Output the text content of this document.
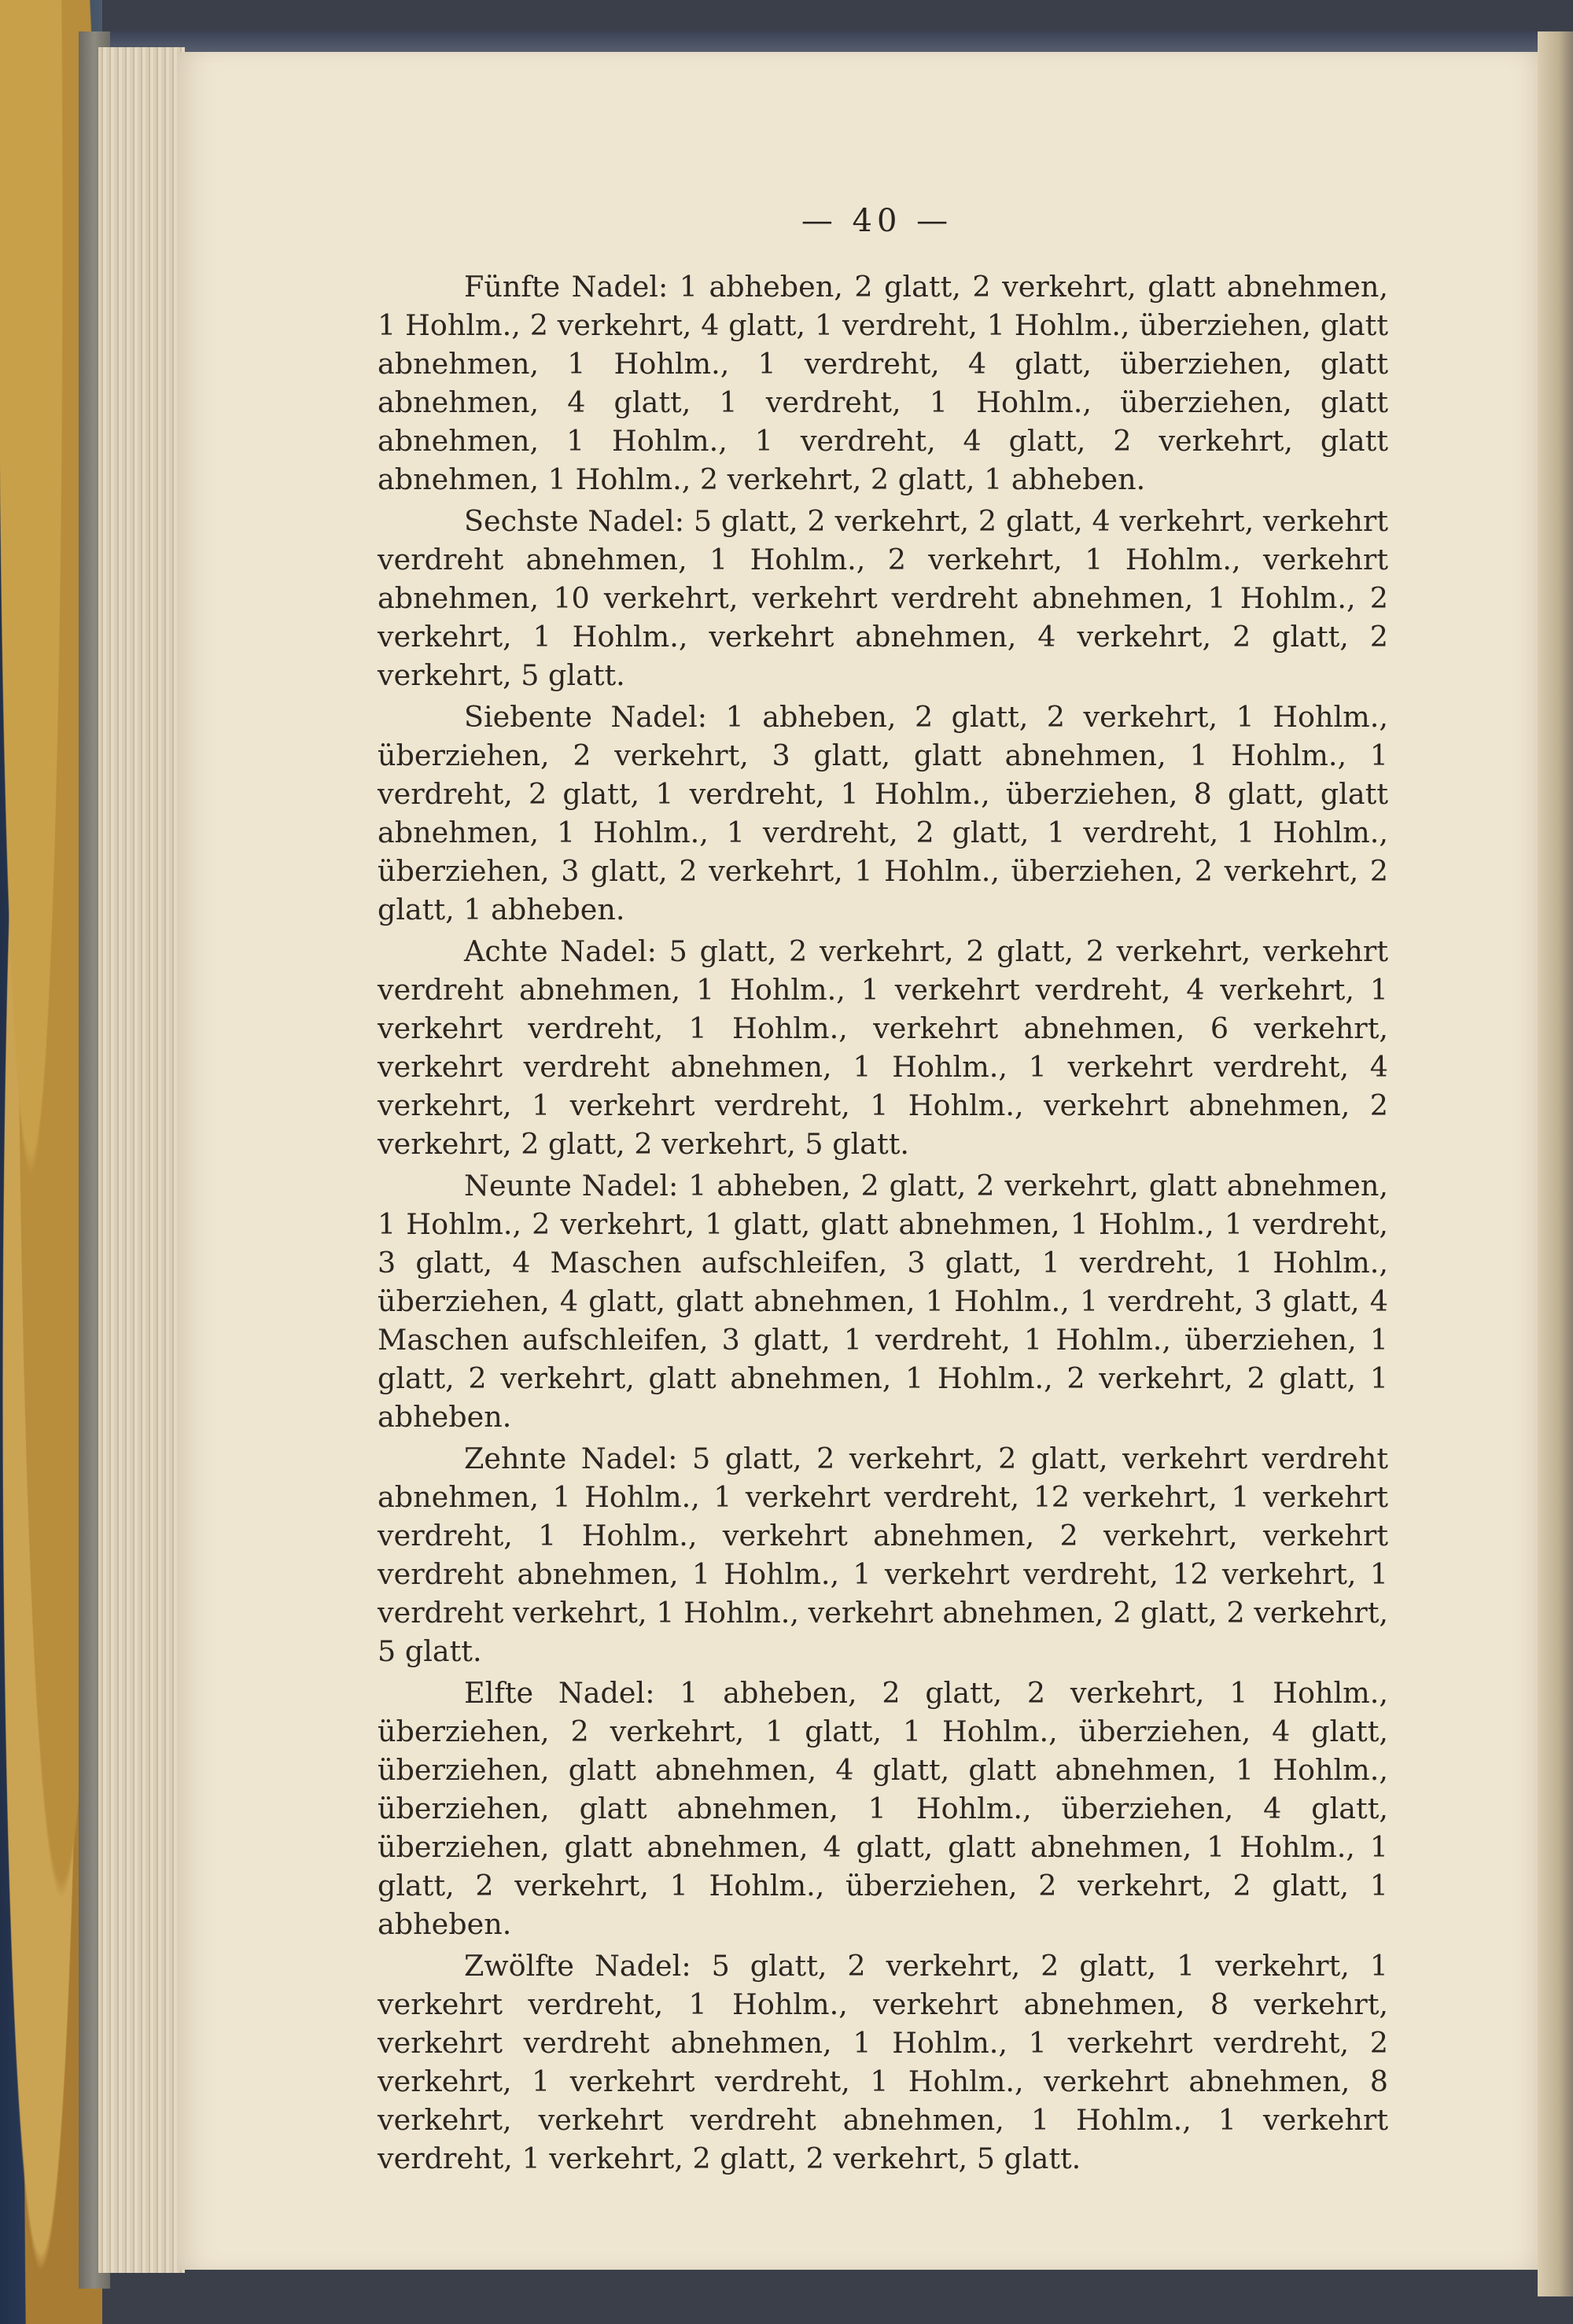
— 40 —

Fünfte Nadel: 1 abheben, 2 glatt, 2 verkehrt, glatt abnehmen, 1 Hohlm., 2 verkehrt, 4 glatt, 1 verdreht, 1 Hohlm., überziehen, glatt abnehmen, 1 Hohlm., 1 verdreht, 4 glatt, überziehen, glatt abnehmen, 4 glatt, 1 verdreht, 1 Hohlm., überziehen, glatt abnehmen, 1 Hohlm., 1 verdreht, 4 glatt, 2 verkehrt, glatt abnehmen, 1 Hohlm., 2 verkehrt, 2 glatt, 1 abheben.

Sechste Nadel: 5 glatt, 2 verkehrt, 2 glatt, 4 verkehrt, verkehrt verdreht abnehmen, 1 Hohlm., 2 verkehrt, 1 Hohlm., verkehrt abnehmen, 10 verkehrt, verkehrt verdreht abnehmen, 1 Hohlm., 2 verkehrt, 1 Hohlm., verkehrt abnehmen, 4 verkehrt, 2 glatt, 2 verkehrt, 5 glatt.

Siebente Nadel: 1 abheben, 2 glatt, 2 verkehrt, 1 Hohlm., überziehen, 2 verkehrt, 3 glatt, glatt abnehmen, 1 Hohlm., 1 verdreht, 2 glatt, 1 verdreht, 1 Hohlm., überziehen, 8 glatt, glatt abnehmen, 1 Hohlm., 1 verdreht, 2 glatt, 1 verdreht, 1 Hohlm., überziehen, 3 glatt, 2 verkehrt, 1 Hohlm., überziehen, 2 verkehrt, 2 glatt, 1 abheben.

Achte Nadel: 5 glatt, 2 verkehrt, 2 glatt, 2 verkehrt, verkehrt verdreht abnehmen, 1 Hohlm., 1 verkehrt verdreht, 4 verkehrt, 1 verkehrt verdreht, 1 Hohlm., verkehrt abnehmen, 6 verkehrt, verkehrt verdreht abnehmen, 1 Hohlm., 1 verkehrt verdreht, 4 verkehrt, 1 verkehrt verdreht, 1 Hohlm., verkehrt abnehmen, 2 verkehrt, 2 glatt, 2 verkehrt, 5 glatt.

Neunte Nadel: 1 abheben, 2 glatt, 2 verkehrt, glatt abnehmen, 1 Hohlm., 2 verkehrt, 1 glatt, glatt abnehmen, 1 Hohlm., 1 verdreht, 3 glatt, 4 Maschen aufschleifen, 3 glatt, 1 verdreht, 1 Hohlm., überziehen, 4 glatt, glatt abnehmen, 1 Hohlm., 1 verdreht, 3 glatt, 4 Maschen aufschleifen, 3 glatt, 1 verdreht, 1 Hohlm., überziehen, 1 glatt, 2 verkehrt, glatt abnehmen, 1 Hohlm., 2 verkehrt, 2 glatt, 1 abheben.

Zehnte Nadel: 5 glatt, 2 verkehrt, 2 glatt, verkehrt verdreht abnehmen, 1 Hohlm., 1 verkehrt verdreht, 12 verkehrt, 1 verkehrt verdreht, 1 Hohlm., verkehrt abnehmen, 2 verkehrt, verkehrt verdreht abnehmen, 1 Hohlm., 1 verkehrt verdreht, 12 verkehrt, 1 verdreht verkehrt, 1 Hohlm., verkehrt abnehmen, 2 glatt, 2 verkehrt, 5 glatt.

Elfte Nadel: 1 abheben, 2 glatt, 2 verkehrt, 1 Hohlm., überziehen, 2 verkehrt, 1 glatt, 1 Hohlm., überziehen, 4 glatt, überziehen, glatt abnehmen, 4 glatt, glatt abnehmen, 1 Hohlm., überziehen, glatt abnehmen, 1 Hohlm., überziehen, 4 glatt, überziehen, glatt abnehmen, 4 glatt, glatt abnehmen, 1 Hohlm., 1 glatt, 2 verkehrt, 1 Hohlm., überziehen, 2 verkehrt, 2 glatt, 1 abheben.

Zwölfte Nadel: 5 glatt, 2 verkehrt, 2 glatt, 1 verkehrt, 1 verkehrt verdreht, 1 Hohlm., verkehrt abnehmen, 8 verkehrt, verkehrt verdreht abnehmen, 1 Hohlm., 1 verkehrt verdreht, 2 verkehrt, 1 verkehrt verdreht, 1 Hohlm., verkehrt abnehmen, 8 verkehrt, verkehrt verdreht abnehmen, 1 Hohlm., 1 verkehrt verdreht, 1 verkehrt, 2 glatt, 2 verkehrt, 5 glatt.
